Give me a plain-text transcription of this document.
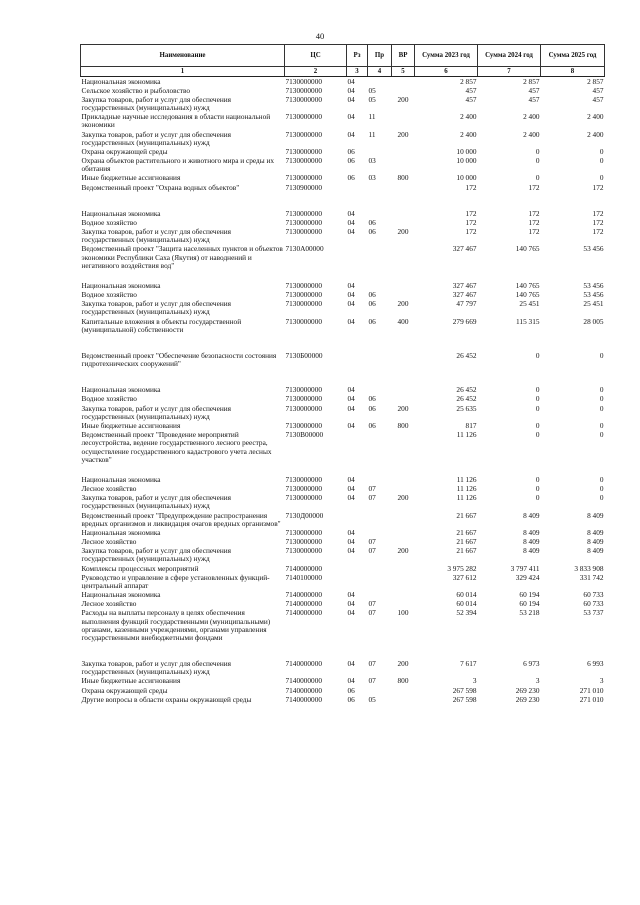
40
Наименование	ЦС	Рз	Пр	ВР	Сумма 2023 год	Сумма 2024 год	Сумма 2025 год
1	2	3	4	5	6	7	8
Национальная экономика	7130000000	04			2 857	2 857	2 857
Сельское хозяйство и рыболовство	7130000000	04	05		457	457	457
Закупка товаров, работ и услуг для обеспечения государственных (муниципальных) нужд	7130000000	04	05	200	457	457	457
Прикладные научные исследования в области национальной экономики	7130000000	04	11		2 400	2 400	2 400
Закупка товаров, работ и услуг для обеспечения государственных (муниципальных) нужд	7130000000	04	11	200	2 400	2 400	2 400
Охрана окружающей среды	7130000000	06			10 000	0	0
Охрана объектов растительного и животного мира и среды их обитания	7130000000	06	03		10 000	0	0
Иные бюджетные ассигнования	7130000000	06	03	800	10 000	0	0
Ведомственный проект "Охрана водных объектов"	7130900000				172	172	172

Национальная экономика	7130000000	04			172	172	172
Водное хозяйство	7130000000	04	06		172	172	172
Закупка товаров, работ и услуг для обеспечения государственных (муниципальных) нужд	7130000000	04	06	200	172	172	172
Ведомственный проект "Защита населенных пунктов и объектов экономики Республики Саха (Якутия) от наводнений и негативного воздействия вод"	7130A00000				327 467	140 765	53 456

Национальная экономика	7130000000	04			327 467	140 765	53 456
Водное хозяйство	7130000000	04	06		327 467	140 765	53 456
Закупка товаров, работ и услуг для обеспечения государственных (муниципальных) нужд	7130000000	04	06	200	47 797	25 451	25 451
Капитальные вложения в объекты государственной (муниципальной) собственности	7130000000	04	06	400	279 669	115 315	28 005

Ведомственный проект "Обеспечение безопасности состояния гидротехнических сооружений"	7130Б00000				26 452	0	0

Национальная экономика	7130000000	04			26 452	0	0
Водное хозяйство	7130000000	04	06		26 452	0	0
Закупка товаров, работ и услуг для обеспечения государственных (муниципальных) нужд	7130000000	04	06	200	25 635	0	0
Иные бюджетные ассигнования	7130000000	04	06	800	817	0	0
Ведомственный проект "Проведение мероприятий лесоустройства, ведение государственного лесного реестра, осуществление государственного кадастрового учета лесных участков"	7130В00000				11 126	0	0

Национальная экономика	7130000000	04			11 126	0	0
Лесное хозяйство	7130000000	04	07		11 126	0	0
Закупка товаров, работ и услуг для обеспечения государственных (муниципальных) нужд	7130000000	04	07	200	11 126	0	0
Ведомственный проект "Предупреждение распространения вредных организмов и ликвидация очагов вредных организмов"	7130Д00000				21 667	8 409	8 409
Национальная экономика	7130000000	04			21 667	8 409	8 409
Лесное хозяйство	7130000000	04	07		21 667	8 409	8 409
Закупка товаров, работ и услуг для обеспечения государственных (муниципальных) нужд	7130000000	04	07	200	21 667	8 409	8 409
Комплексы процессных мероприятий	7140000000				3 975 282	3 797 411	3 833 908
Руководство и управление в сфере установленных функций-центральный аппарат	7140100000				327 612	329 424	331 742
Национальная экономика	7140000000	04			60 014	60 194	60 733
Лесное хозяйство	7140000000	04	07		60 014	60 194	60 733
Расходы на выплаты персоналу в целях обеспечения выполнения функций государственными (муниципальными) органами, казенными учреждениями, органами управления государственными внебюджетными фондами	7140000000	04	07	100	52 394	53 218	53 737

Закупка товаров, работ и услуг для обеспечения государственных (муниципальных) нужд	7140000000	04	07	200	7 617	6 973	6 993
Иные бюджетные ассигнования	7140000000	04	07	800	3	3	3
Охрана окружающей среды	7140000000	06			267 598	269 230	271 010
Другие вопросы в области охраны окружающей среды	7140000000	06	05		267 598	269 230	271 010
